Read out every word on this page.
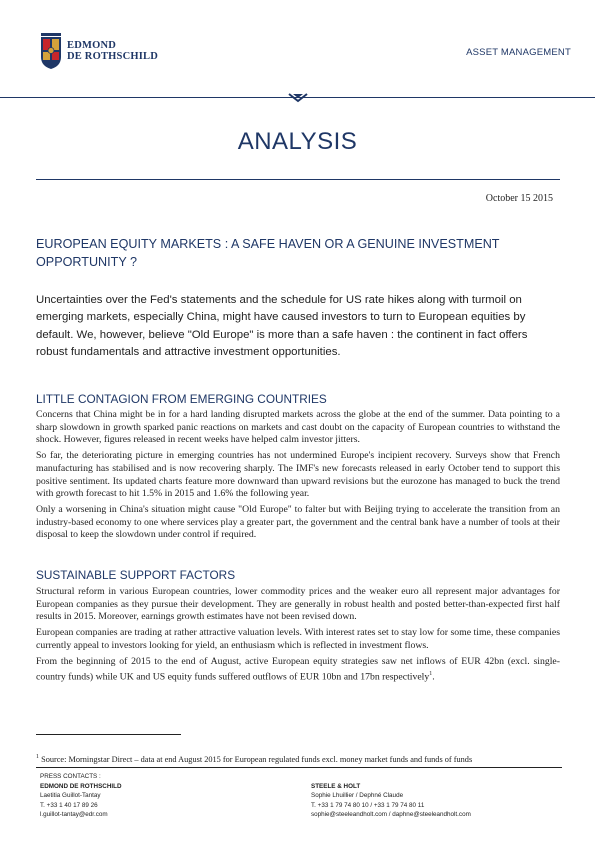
EDMOND
DE ROTHSCHILD	ASSET MANAGEMENT
ANALYSIS
October 15 2015
EUROPEAN EQUITY MARKETS : A SAFE HAVEN OR A GENUINE INVESTMENT OPPORTUNITY ?
Uncertainties over the Fed's statements and the schedule for US rate hikes along with turmoil on emerging markets, especially China, might have caused investors to turn to European equities by default. We, however, believe "Old Europe" is more than a safe haven : the continent in fact offers robust fundamentals and attractive investment opportunities.
LITTLE CONTAGION FROM EMERGING COUNTRIES

Concerns that China might be in for a hard landing disrupted markets across the globe at the end of the summer. Data pointing to a sharp slowdown in growth sparked panic reactions on markets and cast doubt on the capacity of European countries to withstand the shock. However, figures released in recent weeks have helped calm investor jitters.

So far, the deteriorating picture in emerging countries has not undermined Europe's incipient recovery. Surveys show that French manufacturing has stabilised and is now recovering sharply. The IMF's new forecasts released in early October tend to support this positive sentiment. Its updated charts feature more downward than upward revisions but the eurozone has managed to buck the trend with growth forecast to hit 1.5% in 2015 and 1.6% the following year.

Only a worsening in China's situation might cause "Old Europe" to falter but with Beijing trying to accelerate the transition from an industry-based economy to one where services play a greater part, the government and the central bank have a number of tools at their disposal to keep the slowdown under control if required.

SUSTAINABLE SUPPORT FACTORS

Structural reform in various European countries, lower commodity prices and the weaker euro all represent major advantages for European companies as they pursue their development. They are generally in robust health and posted better-than-expected first half results in 2015. Moreover, earnings growth estimates have not been revised down.

European companies are trading at rather attractive valuation levels. With interest rates set to stay low for some time, these companies currently appeal to investors looking for yield, an enthusiasm which is reflected in investment flows.

From the beginning of 2015 to the end of August, active European equity strategies saw net inflows of EUR 42bn (excl. single-country funds) while UK and US equity funds suffered outflows of EUR 10bn and 17bn respectively$^1$.

$^1$ Source: Morningstar Direct – data at end August 2015 for European regulated funds excl. money market funds and funds of funds
PRESS CONTACTS :
EDMOND DE ROTHSCHILD
Laetitia Guillot-Tantay
T. +33 1 40 17 89 26
l.guillot-tantay@edr.com
STEELE & HOLT
Sophie Lhuillier / Dephné Claude
T. +33 1 79 74 80 10 / +33 1 79 74 80 11
sophie@steeleandholt.com / daphne@steeleandholt.com
